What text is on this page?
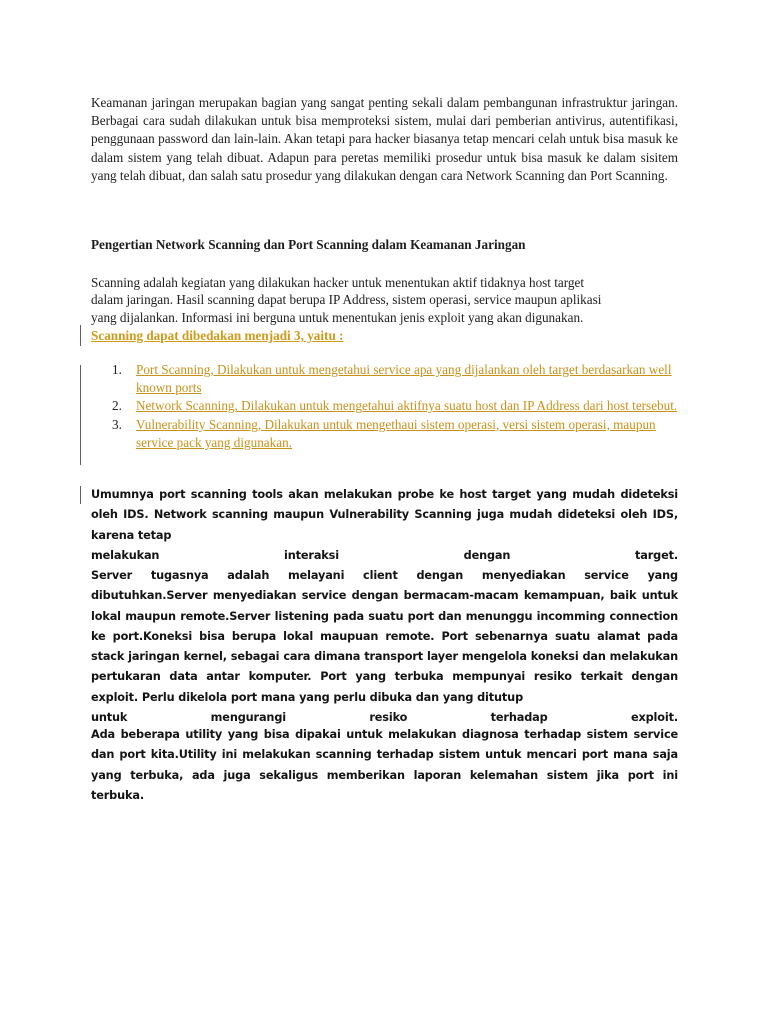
Keamanan jaringan merupakan bagian yang sangat penting sekali dalam pembangunan infrastruktur jaringan. Berbagai cara sudah dilakukan untuk bisa memproteksi sistem, mulai dari pemberian antivirus, autentifikasi, penggunaan password dan lain-lain. Akan tetapi para hacker biasanya tetap mencari celah untuk bisa masuk ke dalam sistem yang telah dibuat. Adapun para peretas memiliki prosedur untuk bisa masuk ke dalam sisitem yang telah dibuat, dan salah satu prosedur yang dilakukan dengan cara Network Scanning dan Port Scanning.

Pengertian Network Scanning dan Port Scanning dalam Keamanan Jaringan

Scanning adalah kegiatan yang dilakukan hacker untuk menentukan aktif tidaknya host target
dalam jaringan. Hasil scanning dapat berupa IP Address, sistem operasi, service maupun aplikasi
yang dijalankan. Informasi ini berguna untuk menentukan jenis exploit yang akan digunakan.

Scanning dapat dibedakan menjadi 3, yaitu :

1. Port Scanning, Dilakukan untuk mengetahui service apa yang dijalankan oleh target berdasarkan well known ports
2. Network Scanning, Dilakukan untuk mengetahui aktifnya suatu host dan IP Address dari host tersebut.
3. Vulnerability Scanning, Dilakukan untuk mengethaui sistem operasi, versi sistem operasi, maupun service pack yang digunakan.
Umumnya port scanning tools akan melakukan probe ke host target yang mudah dideteksi oleh IDS. Network scanning maupun Vulnerability Scanning juga mudah dideteksi oleh IDS, karena tetap
melakukan interaksi dengan target.
Server tugasnya adalah melayani client dengan menyediakan service yang dibutuhkan.Server menyediakan service dengan bermacam-macam kemampuan, baik untuk lokal maupun remote.Server listening pada suatu port dan menunggu incomming connection ke port.Koneksi bisa berupa lokal maupuan remote. Port sebenarnya suatu alamat pada stack jaringan kernel, sebagai cara dimana transport layer mengelola koneksi dan melakukan pertukaran data antar komputer. Port yang terbuka mempunyai resiko terkait dengan exploit. Perlu dikelola port mana yang perlu dibuka dan yang ditutup
untuk mengurangi resiko terhadap exploit.

Ada beberapa utility yang bisa dipakai untuk melakukan diagnosa terhadap sistem service dan port kita.Utility ini melakukan scanning terhadap sistem untuk mencari port mana saja yang terbuka, ada juga sekaligus memberikan laporan kelemahan sistem jika port ini terbuka.
